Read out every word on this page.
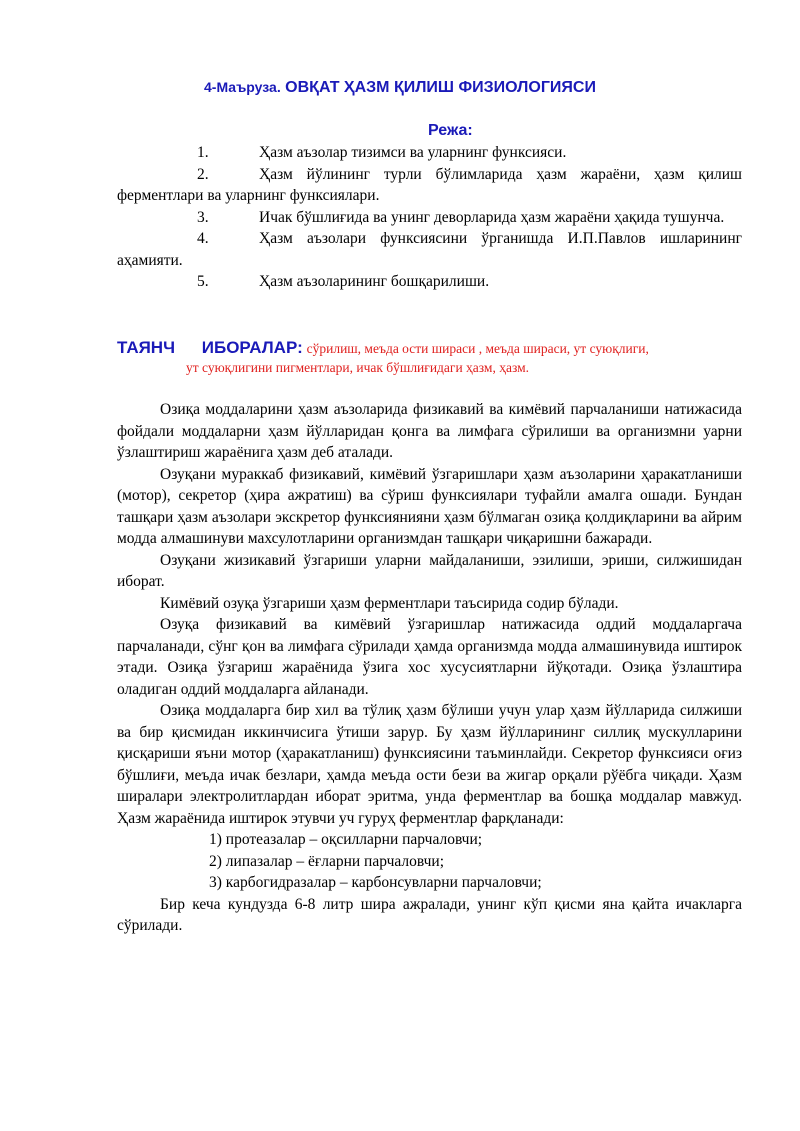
4-Маъруза. ОВҚАТ ҲАЗМ ҚИЛИШ ФИЗИОЛОГИЯСИ
Режа:
1.	Ҳазм аъзолар тизимси ва уларнинг функсияси.
2.	Ҳазм йўлининг турли бўлимларида ҳазм жараёни, ҳазм қилиш ферментлари ва уларнинг функсиялари.
3.	Ичак бўшлиғида ва унинг деворларида ҳазм жараёни ҳақида тушунча.
4.	Ҳазм аъзолари функсиясини ўрганишда И.П.Павлов ишларининг аҳамияти.
5.	Ҳазм аъзоларининг бошқарилиши.
ТАЯНЧ ИБОРАЛАР: сўрилиш, меъда ости шираси , меъда шираси, ут суюқлиги,
ут суюқлигини пигментлари, ичак бўшлиғидаги ҳазм, ҳазм.

Озиқа моддаларини ҳазм аъзоларида физикавий ва кимёвий парчаланиши натижасида фойдали моддаларни ҳазм йўлларидан қонга ва лимфага сўрилиши ва организмни уарни ўзлаштириш жараёнига ҳазм деб аталади.

Озуқани мураккаб физикавий, кимёвий ўзгаришлари ҳазм аъзоларини ҳаракатланиши (мотор), секретор (ҳира ажратиш) ва сўриш функсиялари туфайли амалга ошади. Бундан ташқари ҳазм аъзолари экскретор функсиянияни ҳазм бўлмаган озиқа қолдиқларини ва айрим модда алмашинуви махсулотларини организмдан ташқари чиқаришни бажаради.

Озуқани жизикавий ўзгариши уларни майдаланиши, эзилиши, эриши, силжишидан иборат.

Кимёвий озуқа ўзгариши ҳазм ферментлари таъсирида содир бўлади.

Озуқа физикавий ва кимёвий ўзгаришлар натижасида оддий моддаларгача парчаланади, сўнг қон ва лимфага сўрилади ҳамда организмда модда алмашинувида иштирок этади. Озиқа ўзгариш жараёнида ўзига хос хусусиятларни йўқотади. Озиқа ўзлаштира оладиган оддий моддаларга айланади.

Озиқа моддаларга бир хил ва тўлиқ ҳазм бўлиши учун улар ҳазм йўлларида силжиши ва бир қисмидан иккинчисига ўтиши зарур. Бу ҳазм йўлларининг силлиқ мускулларини қисқариши яъни мотор (ҳаракатланиш) функсиясини таъминлайди. Секретор функсияси оғиз бўшлиғи, меъда ичак безлари, ҳамда меъда ости бези ва жигар орқали рўёбга чиқади. Ҳазм ширалари электролитлардан иборат эритма, унда ферментлар ва бошқа моддалар мавжуд. Ҳазм жараёнида иштирок этувчи уч гуруҳ ферментлар фарқланади:

1) протеазалар – оқсилларни парчаловчи;

2) липазалар – ёғларни парчаловчи;

3) карбогидразалар – карбонсувларни парчаловчи;

Бир кеча кундузда 6-8 литр шира ажралади, унинг кўп қисми яна қайта ичакларга сўрилади.
